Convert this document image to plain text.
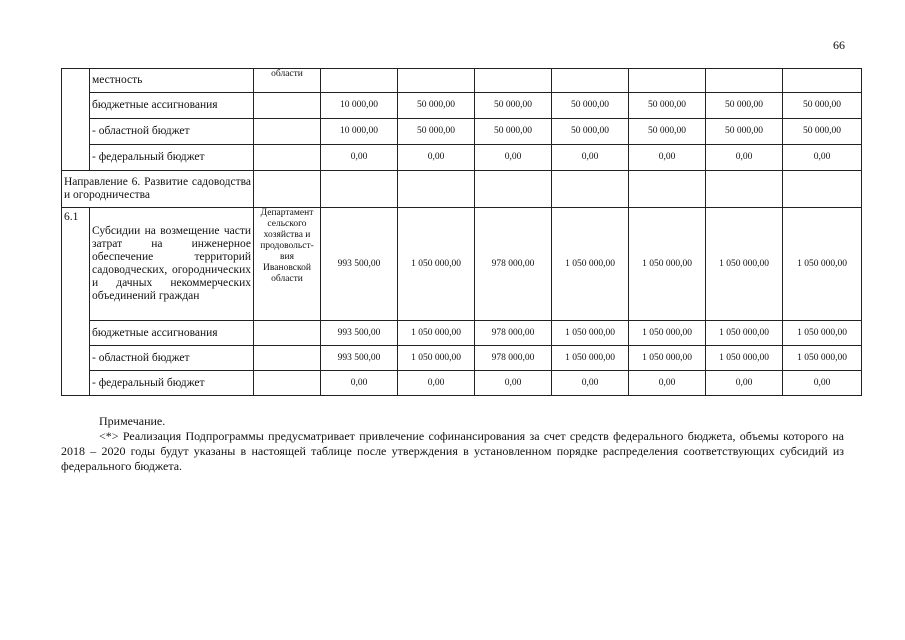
66
	местность	области							
	бюджетные ассигнования		10 000,00	50 000,00	50 000,00	50 000,00	50 000,00	50 000,00	50 000,00
	- областной бюджет		10 000,00	50 000,00	50 000,00	50 000,00	50 000,00	50 000,00	50 000,00
	- федеральный бюджет		0,00	0,00	0,00	0,00	0,00	0,00	0,00
Направление 6. Развитие садоводства и огородничества									
6.1	Субсидии на возмещение части затрат на инженерное обеспечение территорий садоводческих, огороднических и дачных некоммерческих объединений граждан	Департамент сельского хозяйства и продовольст-вия Ивановской области	993 500,00	1 050 000,00	978 000,00	1 050 000,00	1 050 000,00	1 050 000,00	1 050 000,00
	бюджетные ассигнования		993 500,00	1 050 000,00	978 000,00	1 050 000,00	1 050 000,00	1 050 000,00	1 050 000,00
	- областной бюджет		993 500,00	1 050 000,00	978 000,00	1 050 000,00	1 050 000,00	1 050 000,00	1 050 000,00
	- федеральный бюджет		0,00	0,00	0,00	0,00	0,00	0,00	0,00
Примечание.
<*> Реализация Подпрограммы предусматривает привлечение софинансирования за счет средств федерального бюджета, объемы которого на 2018 – 2020 годы будут указаны в настоящей таблице после утверждения в установленном порядке распределения соответствующих субсидий из федерального бюджета.
